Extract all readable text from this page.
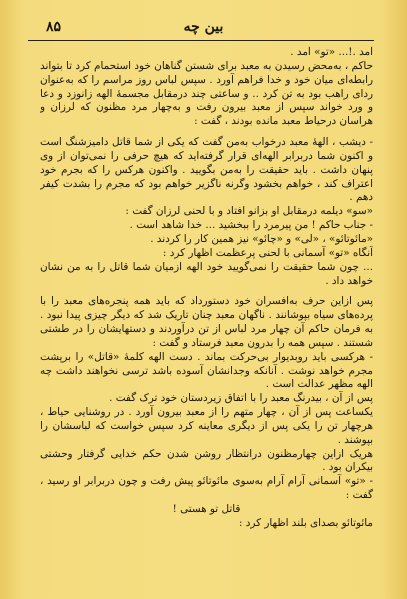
بین چه
۸۵

آمد .!... «تو» آمد .

حاکم ، به‌محض رسیدن به معبد برای شستن گناهان خود استحمام کرد تا بتواند رابطه‌ای میان خود و خدا فراهم آورد . سپس لباس روز مراسم را که به‌عنوان ردای راهب بود به تن کرد .. و ساعتی چند درمقابل مجسمهٔ الهه زانوزد و دعا و ورد خواند سپس از معبد بیرون رفت و به‌چهار مرد مظنون که لرزان و هراسان درحیاط معبد مانده بودند ، گفت :

- دیشب ، الههٔ معبد درخواب به‌من گفت که یکی از شما قاتل دامیزشنگ است و اکنون شما دربرابر الهه‌ای قرار گرفته‌اید که هیچ حرفی را نمی‌توان از وی پنهان داشت . باید حقیقت را به‌من بگویید . واکنون هرکس را که بجرم خود اعتراف کند ، خواهم بخشود وگرنه ناگزیر خواهم بود که مجرم را بشدت کیفر دهم .

«سو» دیلمه درمقابل او بزانو افتاد و با لحنی لرزان گفت :

- جناب حاکم ! من پیرمرد را ببخشید ... خدا شاهد است .

«مائوتائو» ، «لی» و «چائو» نیز همین کار را کردند .

آنگاه «تو» آسمانی با لحنی پرعظمت اظهار کرد :

... چون شما حقیقت را نمی‌گویید خود الهه ازمیان شما قاتل را به من نشان خواهد داد .

پس ازاین حرف به‌افسران خود دستورداد که باید همه پنجره‌های معبد را با پرده‌های سیاه بپوشانند . ناگهان معبد چنان تاریک شد که دیگر چیزی پیدا نبود . به فرمان حاکم آن چهار مرد لباس از تن درآوردند و دستهایشان را در طشتی شستند . سپس همه را بدرون معبد فرستاد و گفت :

- هرکسی باید روبدیوار بی‌حرکت بماند . دست الهه کلمهٔ «قاتل» را برپشت مجرم خواهد نوشت . آنانکه وجدانشان آسوده باشد ترسی نخواهند داشت چه الهه مظهر عدالت است .

پس از آن ، بیدرنگ معبد را با اتفاق زیردستان خود ترک گفت .

یکساعت پس از آن ، چهار متهم را از معبد بیرون آورد . در روشنایی حیاط ، هرچهار تن را یکی پس از دیگری معاینه کرد سپس خواست که لباسشان را بپوشند .

هریک ازاین چهارمظنون درانتظار روشن شدن حکم خدایی گرفتار وحشتی بیکران بود .

- «تو» آسمانی آرام آرام به‌سوی مائوتائو پیش رفت و چون دربرابر او رسید ، گفت :

قاتل تو هستی !

مائوتائو بصدای بلند اظهار کرد :
